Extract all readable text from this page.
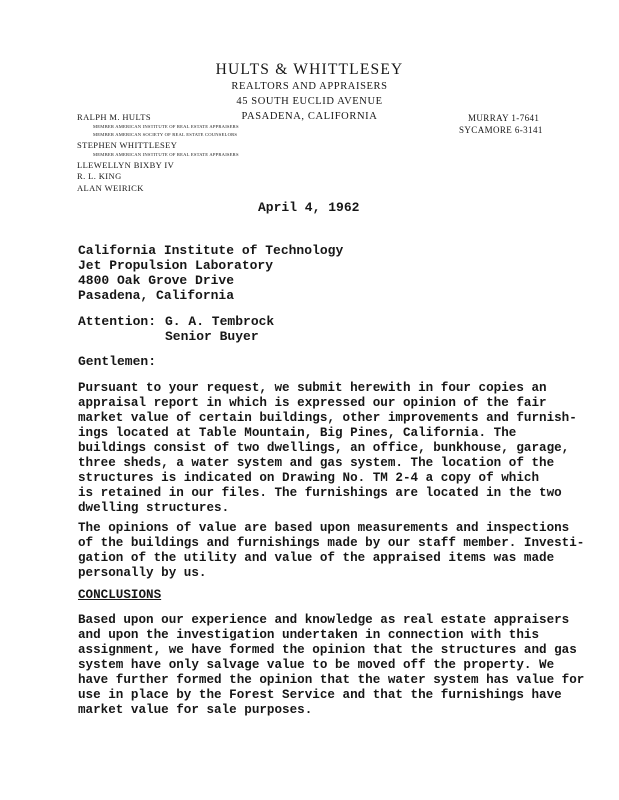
HULTS & WHITTLESEY
REALTORS AND APPRAISERS
45 SOUTH EUCLID AVENUE
PASADENA, CALIFORNIA	MURRAY 1-7641
SYCAMORE 6-3141
RALPH M. HULTS
MEMBER AMERICAN INSTITUTE OF REAL ESTATE APPRAISERS
MEMBER AMERICAN SOCIETY OF REAL ESTATE COUNSELORS
STEPHEN WHITTLESEY
MEMBER AMERICAN INSTITUTE OF REAL ESTATE APPRAISERS
LLEWELLYN BIXBY IV
R. L. KING
ALAN WEIRICK
April 4, 1962
California Institute of Technology
Jet Propulsion Laboratory
4800 Oak Grove Drive
Pasadena, California
Attention: G. A. Tembrock
Senior Buyer
Gentlemen:
Pursuant to your request, we submit herewith in four copies an
appraisal report in which is expressed our opinion of the fair
market value of certain buildings, other improvements and furnish-
ings located at Table Mountain, Big Pines, California. The
buildings consist of two dwellings, an office, bunkhouse, garage,
three sheds, a water system and gas system. The location of the
structures is indicated on Drawing No. TM 2-4 a copy of which
is retained in our files. The furnishings are located in the two
dwelling structures.
The opinions of value are based upon measurements and inspections
of the buildings and furnishings made by our staff member. Investi-
gation of the utility and value of the appraised items was made
personally by us.
CONCLUSIONS
Based upon our experience and knowledge as real estate appraisers
and upon the investigation undertaken in connection with this
assignment, we have formed the opinion that the structures and gas
system have only salvage value to be moved off the property. We
have further formed the opinion that the water system has value for
use in place by the Forest Service and that the furnishings have
market value for sale purposes.
